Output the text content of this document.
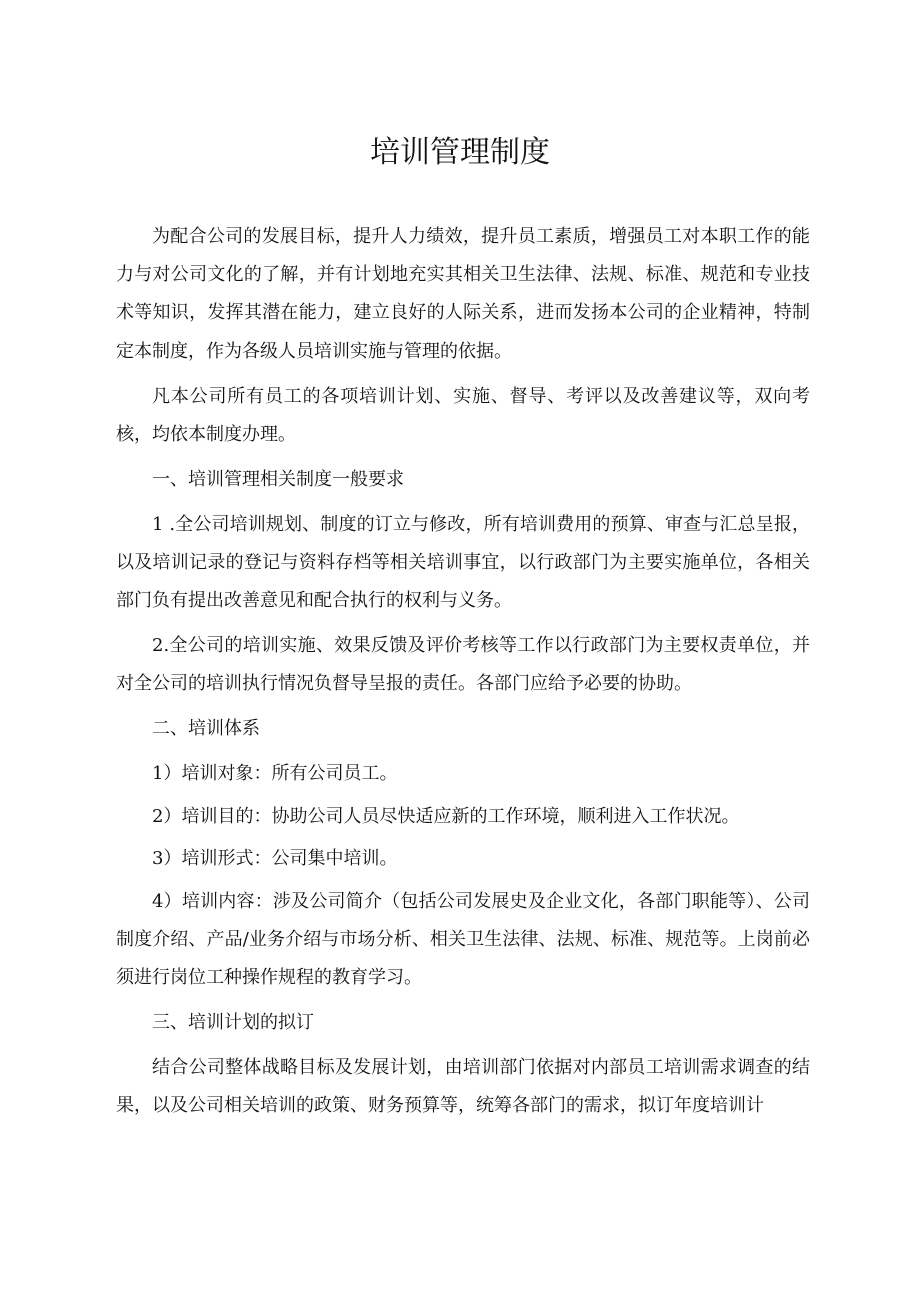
培训管理制度

为配合公司的发展目标，提升人力绩效，提升员工素质，增强员工对本职工作的能力与对公司文化的了解，并有计划地充实其相关卫生法律、法规、标准、规范和专业技术等知识，发挥其潜在能力，建立良好的人际关系，进而发扬本公司的企业精神，特制定本制度，作为各级人员培训实施与管理的依据。

凡本公司所有员工的各项培训计划、实施、督导、考评以及改善建议等，双向考核，均依本制度办理。

一、培训管理相关制度一般要求

1 .全公司培训规划、制度的订立与修改，所有培训费用的预算、审查与汇总呈报，以及培训记录的登记与资料存档等相关培训事宜，以行政部门为主要实施单位，各相关部门负有提出改善意见和配合执行的权利与义务。

2.全公司的培训实施、效果反馈及评价考核等工作以行政部门为主要权责单位，并对全公司的培训执行情况负督导呈报的责任。各部门应给予必要的协助。

二、培训体系

1）培训对象：所有公司员工。

2）培训目的：协助公司人员尽快适应新的工作环境，顺利进入工作状况。

3）培训形式：公司集中培训。

4）培训内容：涉及公司简介（包括公司发展史及企业文化，各部门职能等）、公司制度介绍、产品/业务介绍与市场分析、相关卫生法律、法规、标准、规范等。上岗前必须进行岗位工种操作规程的教育学习。

三、培训计划的拟订

结合公司整体战略目标及发展计划，由培训部门依据对内部员工培训需求调查的结果，以及公司相关培训的政策、财务预算等，统筹各部门的需求，拟订年度培训计
